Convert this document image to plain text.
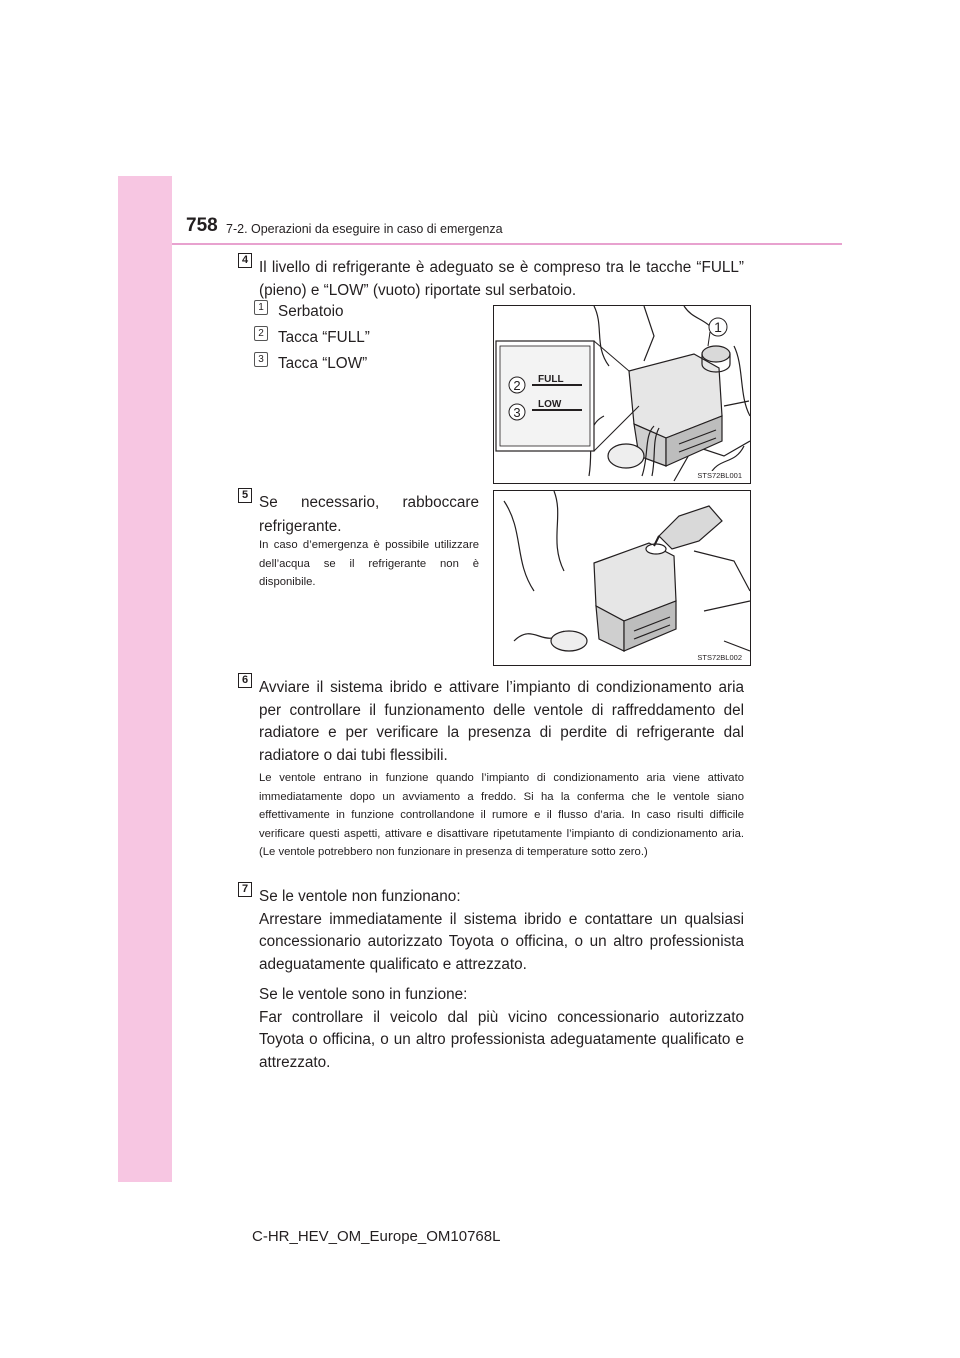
758 7-2. Operazioni da eseguire in caso di emergenza
4 Il livello di refrigerante è adeguato se è compreso tra le tacche “FULL” (pieno) e “LOW” (vuoto) riportate sul serbatoio.
1 Serbatoio
2 Tacca “FULL”
3 Tacca “LOW”
FULL
LOW
2
3
1
STS72BL001
5 Se necessario, rabboccare refrigerante.
In caso d’emergenza è possibile utilizzare dell’acqua se il refrigerante non è disponibile.
STS72BL002
6 Avviare il sistema ibrido e attivare l’impianto di condizionamento aria per controllare il funzionamento delle ventole di raffreddamento del radiatore e per verificare la presenza di perdite di refrigerante dal radiatore o dai tubi flessibili.
Le ventole entrano in funzione quando l’impianto di condizionamento aria viene attivato immediatamente dopo un avviamento a freddo. Si ha la conferma che le ventole siano effettivamente in funzione controllandone il rumore e il flusso d’aria. In caso risulti difficile verificare questi aspetti, attivare e disattivare ripetutamente l’impianto di condizionamento aria. (Le ventole potrebbero non funzionare in presenza di temperature sotto zero.)
7 Se le ventole non funzionano:

Arrestare immediatamente il sistema ibrido e contattare un qualsiasi concessionario autorizzato Toyota o officina, o un altro professionista adeguatamente qualificato e attrezzato.

Se le ventole sono in funzione:

Far controllare il veicolo dal più vicino concessionario autorizzato Toyota o officina, o un altro professionista adeguatamente qualificato e attrezzato.

C-HR_HEV_OM_Europe_OM10768L
